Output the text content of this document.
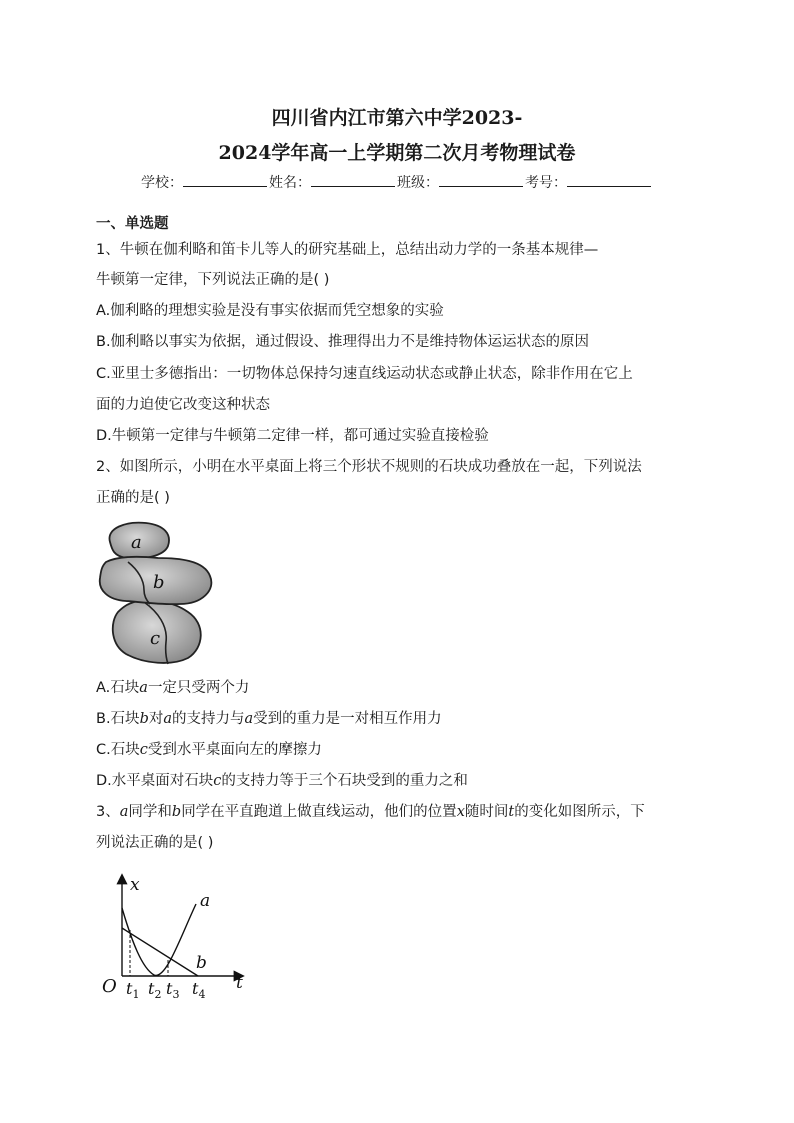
四川省内江市第六中学2023-
2024学年高一上学期第二次月考物理试卷
学校：	姓名：	班级：	考号：
一、单选题
1、牛顿在伽利略和笛卡儿等人的研究基础上，总结出动力学的一条基本规律—
牛顿第一定律，下列说法正确的是( )
A.伽利略的理想实验是没有事实依据而凭空想象的实验
B.伽利略以事实为依据，通过假设、推理得出力不是维持物体运运状态的原因
C.亚里士多德指出：一切物体总保持匀速直线运动状态或静止状态，除非作用在它上
面的力迫使它改变这种状态
D.牛顿第一定律与牛顿第二定律一样，都可通过实验直接检验
2、如图所示，小明在水平桌面上将三个形状不规则的石块成功叠放在一起，下列说法
正确的是( )
a
b
c
A.石块a一定只受两个力
B.石块b对a的支持力与a受到的重力是一对相互作用力
C.石块c受到水平桌面向左的摩擦力
D.水平桌面对石块c的支持力等于三个石块受到的重力之和
3、a同学和b同学在平直跑道上做直线运动，他们的位置x随时间t的变化如图所示，下
列说法正确的是( )
x
t
O
a
b
$t_1$ $t_2$ $t_3$ $t_4$
